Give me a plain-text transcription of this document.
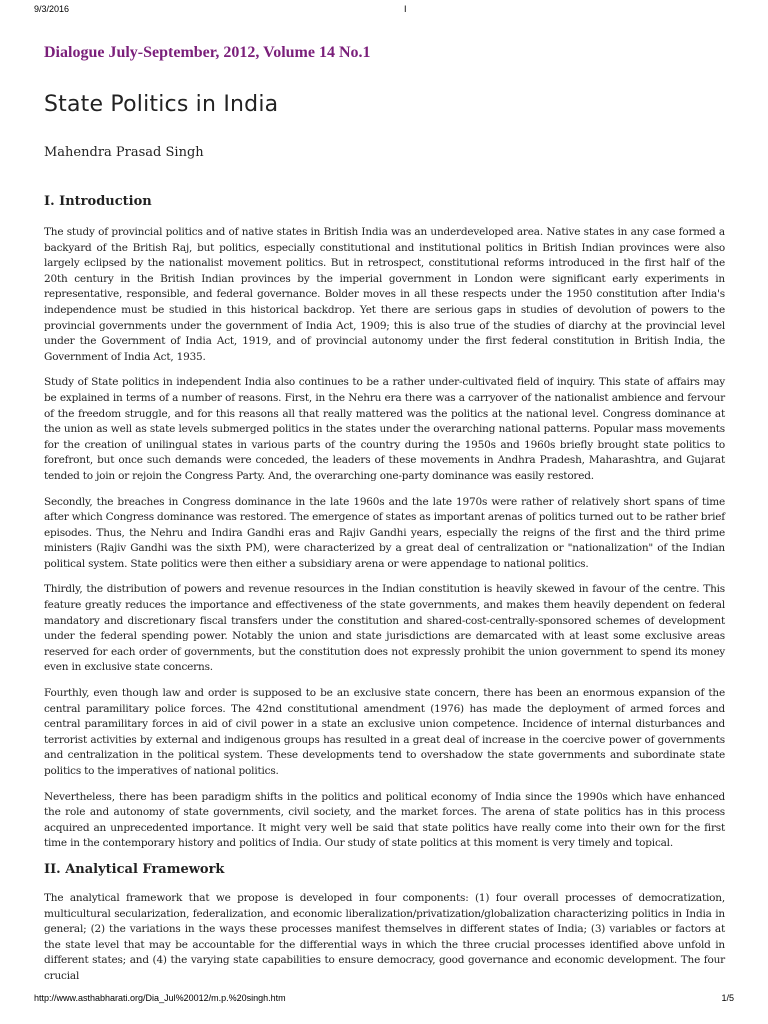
9/3/2016	I
Dialogue July-September, 2012, Volume 14 No.1
State Politics in India
Mahendra Prasad Singh
I. Introduction

The study of provincial politics and of native states in British India was an underdeveloped area. Native states in any case formed a backyard of the British Raj, but politics, especially constitutional and institutional politics in British Indian provinces were also largely eclipsed by the nationalist movement politics. But in retrospect, constitutional reforms introduced in the first half of the 20th century in the British Indian provinces by the imperial government in London were significant early experiments in representative, responsible, and federal governance. Bolder moves in all these respects under the 1950 constitution after India's independence must be studied in this historical backdrop. Yet there are serious gaps in studies of devolution of powers to the provincial governments under the government of India Act, 1909; this is also true of the studies of diarchy at the provincial level under the Government of India Act, 1919, and of provincial autonomy under the first federal constitution in British India, the Government of India Act, 1935.

Study of State politics in independent India also continues to be a rather under-cultivated field of inquiry. This state of affairs may be explained in terms of a number of reasons. First, in the Nehru era there was a carryover of the nationalist ambience and fervour of the freedom struggle, and for this reasons all that really mattered was the politics at the national level. Congress dominance at the union as well as state levels submerged politics in the states under the overarching national patterns. Popular mass movements for the creation of unilingual states in various parts of the country during the 1950s and 1960s briefly brought state politics to forefront, but once such demands were conceded, the leaders of these movements in Andhra Pradesh, Maharashtra, and Gujarat tended to join or rejoin the Congress Party. And, the overarching one-party dominance was easily restored.

Secondly, the breaches in Congress dominance in the late 1960s and the late 1970s were rather of relatively short spans of time after which Congress dominance was restored. The emergence of states as important arenas of politics turned out to be rather brief episodes. Thus, the Nehru and Indira Gandhi eras and Rajiv Gandhi years, especially the reigns of the first and the third prime ministers (Rajiv Gandhi was the sixth PM), were characterized by a great deal of centralization or "nationalization" of the Indian political system. State politics were then either a subsidiary arena or were appendage to national politics.

Thirdly, the distribution of powers and revenue resources in the Indian constitution is heavily skewed in favour of the centre. This feature greatly reduces the importance and effectiveness of the state governments, and makes them heavily dependent on federal mandatory and discretionary fiscal transfers under the constitution and shared-cost-centrally-sponsored schemes of development under the federal spending power. Notably the union and state jurisdictions are demarcated with at least some exclusive areas reserved for each order of governments, but the constitution does not expressly prohibit the union government to spend its money even in exclusive state concerns.

Fourthly, even though law and order is supposed to be an exclusive state concern, there has been an enormous expansion of the central paramilitary police forces. The 42nd constitutional amendment (1976) has made the deployment of armed forces and central paramilitary forces in aid of civil power in a state an exclusive union competence. Incidence of internal disturbances and terrorist activities by external and indigenous groups has resulted in a great deal of increase in the coercive power of governments and centralization in the political system. These developments tend to overshadow the state governments and subordinate state politics to the imperatives of national politics.

Nevertheless, there has been paradigm shifts in the politics and political economy of India since the 1990s which have enhanced the role and autonomy of state governments, civil society, and the market forces. The arena of state politics has in this process acquired an unprecedented importance. It might very well be said that state politics have really come into their own for the first time in the contemporary history and politics of India. Our study of state politics at this moment is very timely and topical.

II. Analytical Framework

The analytical framework that we propose is developed in four components: (1) four overall processes of democratization, multicultural secularization, federalization, and economic liberalization/privatization/globalization characterizing politics in India in general; (2) the variations in the ways these processes manifest themselves in different states of India; (3) variables or factors at the state level that may be accountable for the differential ways in which the three crucial processes identified above unfold in different states; and (4) the varying state capabilities to ensure democracy, good governance and economic development. The four crucial

http://www.asthabharati.org/Dia_Jul%20012/m.p.%20singh.htm	1/5
